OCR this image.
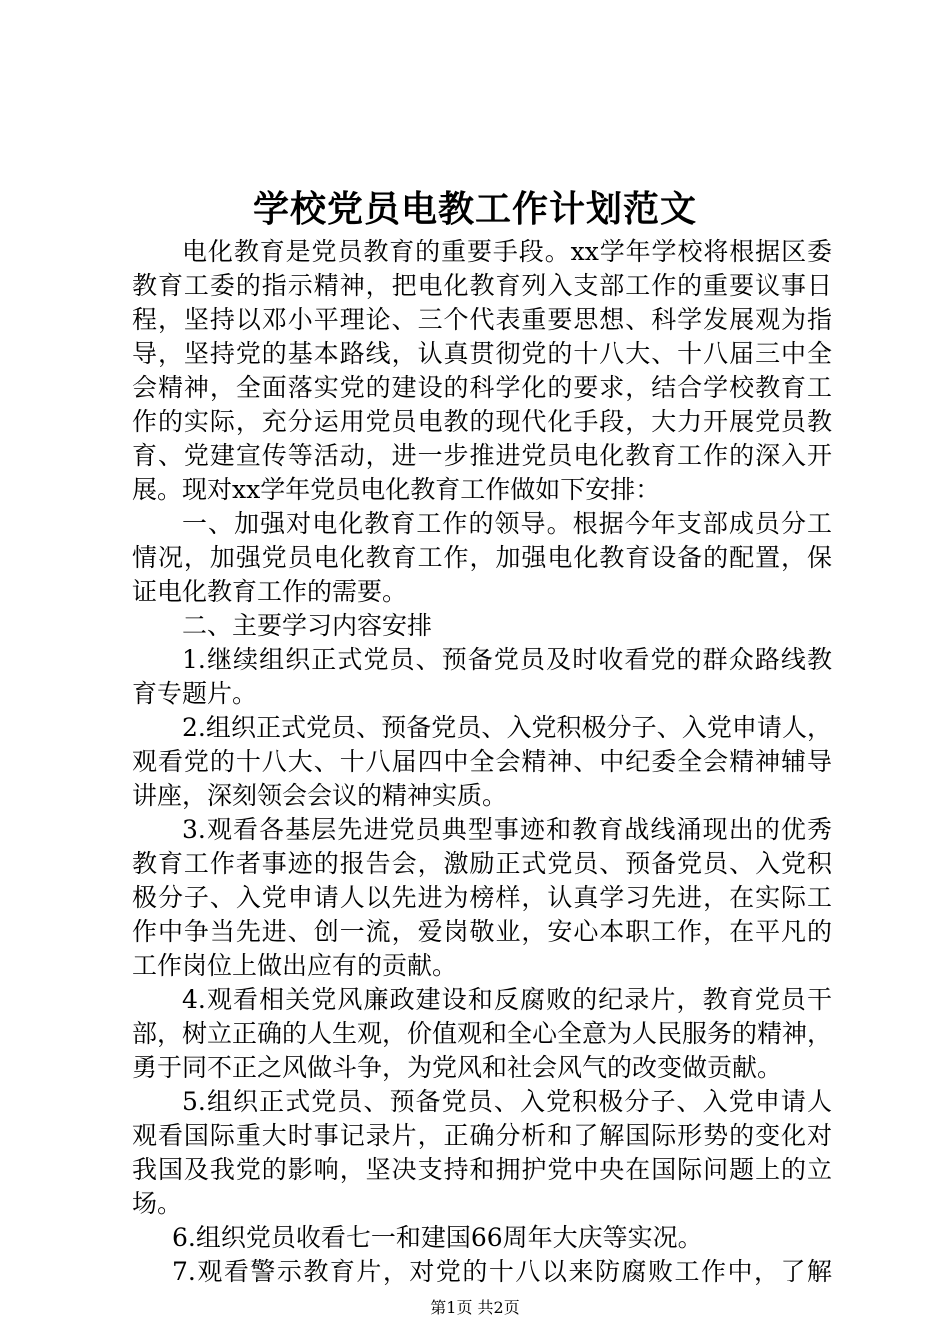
学校党员电教工作计划范文
电化教育是党员教育的重要手段。xx学年学校将根据区委
教育工委的指示精神，把电化教育列入支部工作的重要议事日
程，坚持以邓小平理论、三个代表重要思想、科学发展观为指
导，坚持党的基本路线，认真贯彻党的十八大、十八届三中全
会精神，全面落实党的建设的科学化的要求，结合学校教育工
作的实际，充分运用党员电教的现代化手段，大力开展党员教
育、党建宣传等活动，进一步推进党员电化教育工作的深入开
展。现对xx学年党员电化教育工作做如下安排：
一、加强对电化教育工作的领导。根据今年支部成员分工
情况，加强党员电化教育工作，加强电化教育设备的配置，保
证电化教育工作的需要。
二、主要学习内容安排
1.继续组织正式党员、预备党员及时收看党的群众路线教
育专题片。
2.组织正式党员、预备党员、入党积极分子、入党申请人，
观看党的十八大、十八届四中全会精神、中纪委全会精神辅导
讲座，深刻领会会议的精神实质。
3.观看各基层先进党员典型事迹和教育战线涌现出的优秀
教育工作者事迹的报告会，激励正式党员、预备党员、入党积
极分子、入党申请人以先进为榜样，认真学习先进，在实际工
作中争当先进、创一流，爱岗敬业，安心本职工作，在平凡的
工作岗位上做出应有的贡献。
4.观看相关党风廉政建设和反腐败的纪录片，教育党员干
部，树立正确的人生观，价值观和全心全意为人民服务的精神，
勇于同不正之风做斗争，为党风和社会风气的改变做贡献。
5.组织正式党员、预备党员、入党积极分子、入党申请人
观看国际重大时事记录片，正确分析和了解国际形势的变化对
我国及我党的影响，坚决支持和拥护党中央在国际问题上的立
场。
6.组织党员收看七一和建国66周年大庆等实况。
7.观看警示教育片，对党的十八以来防腐败工作中，了解
第1页 共2页
